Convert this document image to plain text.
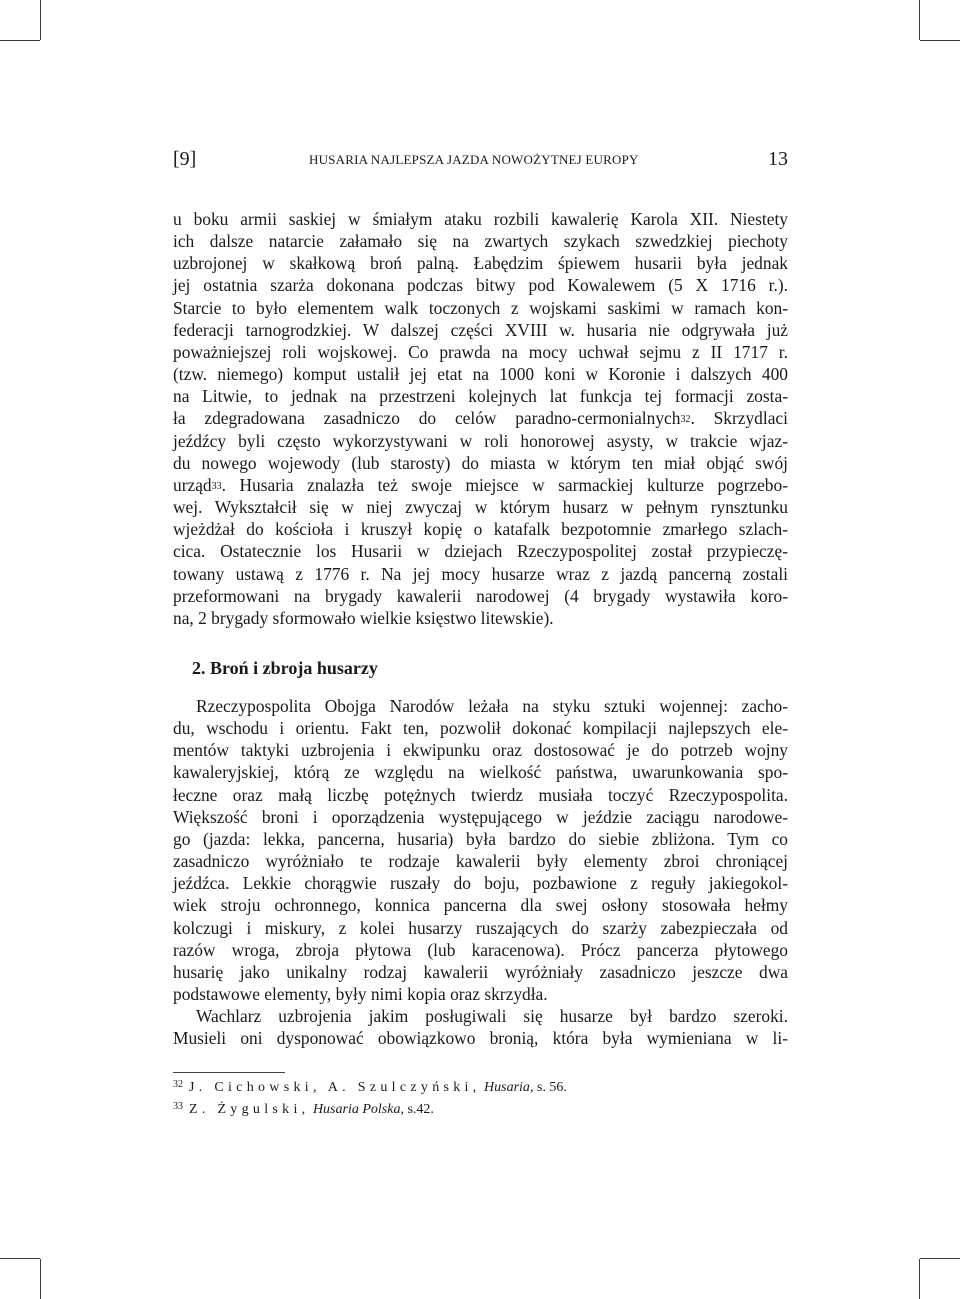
[9]	HUSARIA NAJLEPSZA JAZDA NOWOŻYTNEJ EUROPY	13
u boku armii saskiej w śmiałym ataku rozbili kawalerię Karola XII. Niestety
ich dalsze natarcie załamało się na zwartych szykach szwedzkiej piechoty
uzbrojonej w skałkową broń palną. Łabędzim śpiewem husarii była jednak
jej ostatnia szarża dokonana podczas bitwy pod Kowalewem (5 X 1716 r.).
Starcie to było elementem walk toczonych z wojskami saskimi w ramach kon-
federacji tarnogrodzkiej. W dalszej części XVIII w. husaria nie odgrywała już
poważniejszej roli wojskowej. Co prawda na mocy uchwał sejmu z II 1717 r.
(tzw. niemego) komput ustalił jej etat na 1000 koni w Koronie i dalszych 400
na Litwie, to jednak na przestrzeni kolejnych lat funkcja tej formacji zosta-
ła zdegradowana zasadniczo do celów paradno-cermonialnych$^{32}$. Skrzydlaci
jeźdźcy byli często wykorzystywani w roli honorowej asysty, w trakcie wjaz-
du nowego wojewody (lub starosty) do miasta w którym ten miał objąć swój
urząd$^{33}$. Husaria znalazła też swoje miejsce w sarmackiej kulturze pogrzebo-
wej. Wykształcił się w niej zwyczaj w którym husarz w pełnym rynsztunku
wjeżdżał do kościoła i kruszył kopię o katafalk bezpotomnie zmarłego szlach-
cica. Ostatecznie los Husarii w dziejach Rzeczypospolitej został przypieczę-
towany ustawą z 1776 r. Na jej mocy husarze wraz z jazdą pancerną zostali
przeformowani na brygady kawalerii narodowej (4 brygady wystawiła koro-
na, 2 brygady sformowało wielkie księstwo litewskie).
2. Broń i zbroja husarzy
Rzeczypospolita Obojga Narodów leżała na styku sztuki wojennej: zacho-
du, wschodu i orientu. Fakt ten, pozwolił dokonać kompilacji najlepszych ele-
mentów taktyki uzbrojenia i ekwipunku oraz dostosować je do potrzeb wojny
kawaleryjskiej, którą ze względu na wielkość państwa, uwarunkowania spo-
łeczne oraz małą liczbę potężnych twierdz musiała toczyć Rzeczypospolita.
Większość broni i oporządzenia występującego w jeździe zaciągu narodowe-
go (jazda: lekka, pancerna, husaria) była bardzo do siebie zbliżona. Tym co
zasadniczo wyróżniało te rodzaje kawalerii były elementy zbroi chroniącej
jeźdźca. Lekkie chorągwie ruszały do boju, pozbawione z reguły jakiegokol-
wiek stroju ochronnego, konnica pancerna dla swej osłony stosowała hełmy
kolczugi i miskury, z kolei husarzy ruszających do szarży zabezpieczała od
razów wroga, zbroja płytowa (lub karacenowa). Prócz pancerza płytowego
husarię jako unikalny rodzaj kawalerii wyróżniały zasadniczo jeszcze dwa
podstawowe elementy, były nimi kopia oraz skrzydła.
Wachlarz uzbrojenia jakim posługiwali się husarze był bardzo szeroki.
Musieli oni dysponować obowiązkowo bronią, która była wymieniana w li-
$^{32}$ J. Cichowski, A. Szulczyński, Husaria, s. 56.
$^{33}$ Z. Żygulski, Husaria Polska, s.42.
